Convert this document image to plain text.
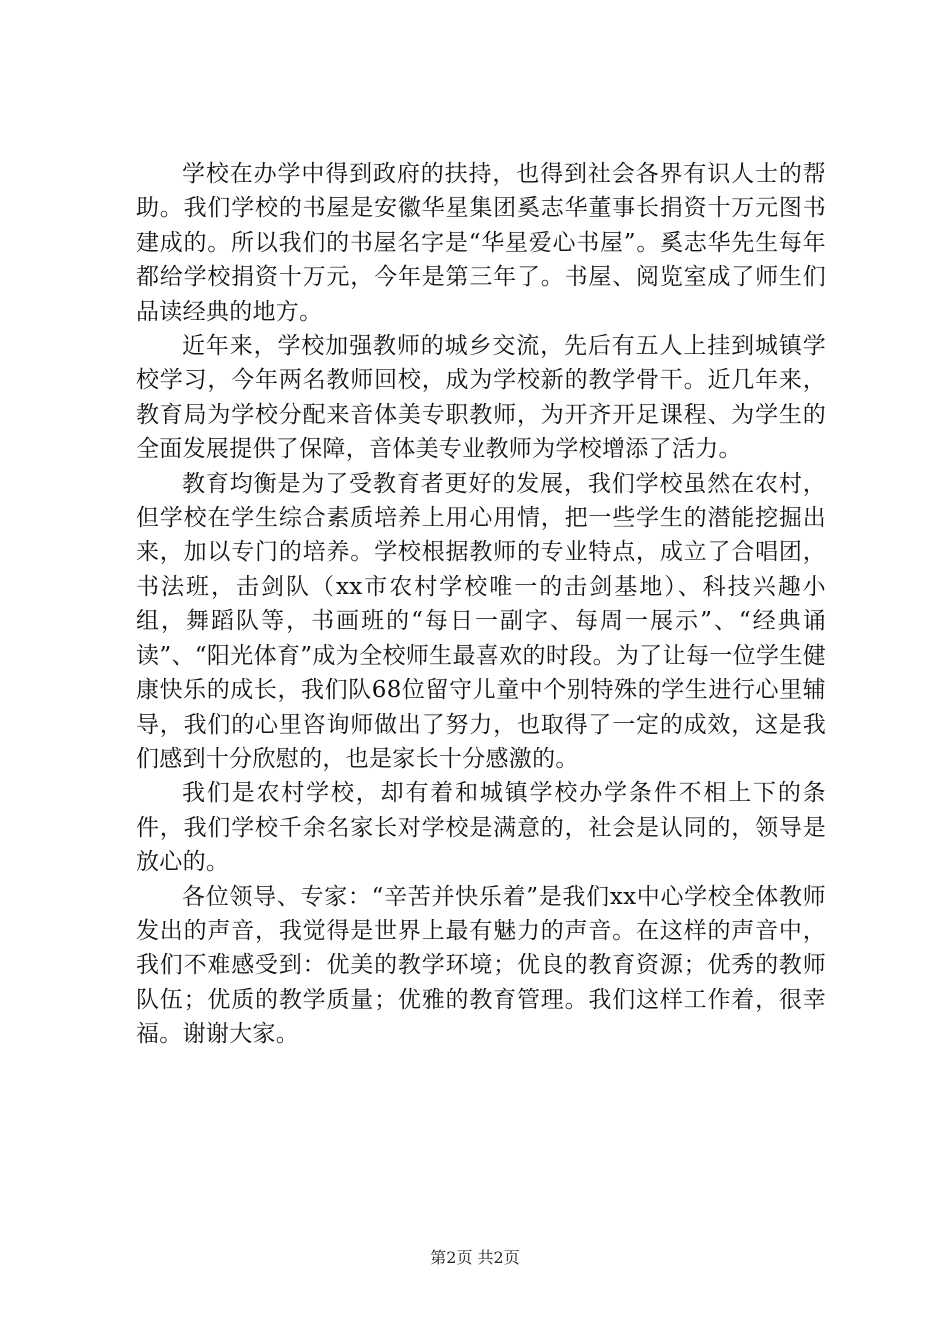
学校在办学中得到政府的扶持，也得到社会各界有识人士的帮助。我们学校的书屋是安徽华星集团奚志华董事长捐资十万元图书建成的。所以我们的书屋名字是“华星爱心书屋”。奚志华先生每年都给学校捐资十万元，今年是第三年了。书屋、阅览室成了师生们品读经典的地方。

近年来，学校加强教师的城乡交流，先后有五人上挂到城镇学校学习，今年两名教师回校，成为学校新的教学骨干。近几年来，教育局为学校分配来音体美专职教师，为开齐开足课程、为学生的全面发展提供了保障，音体美专业教师为学校增添了活力。

教育均衡是为了受教育者更好的发展，我们学校虽然在农村，但学校在学生综合素质培养上用心用情，把一些学生的潜能挖掘出来，加以专门的培养。学校根据教师的专业特点，成立了合唱团，书法班，击剑队（xx市农村学校唯一的击剑基地）、科技兴趣小组，舞蹈队等，书画班的“每日一副字、每周一展示”、“经典诵读”、“阳光体育”成为全校师生最喜欢的时段。为了让每一位学生健康快乐的成长，我们队68位留守儿童中个别特殊的学生进行心里辅导，我们的心里咨询师做出了努力，也取得了一定的成效，这是我们感到十分欣慰的，也是家长十分感激的。

我们是农村学校，却有着和城镇学校办学条件不相上下的条件，我们学校千余名家长对学校是满意的，社会是认同的，领导是放心的。

各位领导、专家：“辛苦并快乐着”是我们xx中心学校全体教师发出的声音，我觉得是世界上最有魅力的声音。在这样的声音中，我们不难感受到：优美的教学环境；优良的教育资源；优秀的教师队伍；优质的教学质量；优雅的教育管理。我们这样工作着，很幸福。谢谢大家。

第2页 共2页
